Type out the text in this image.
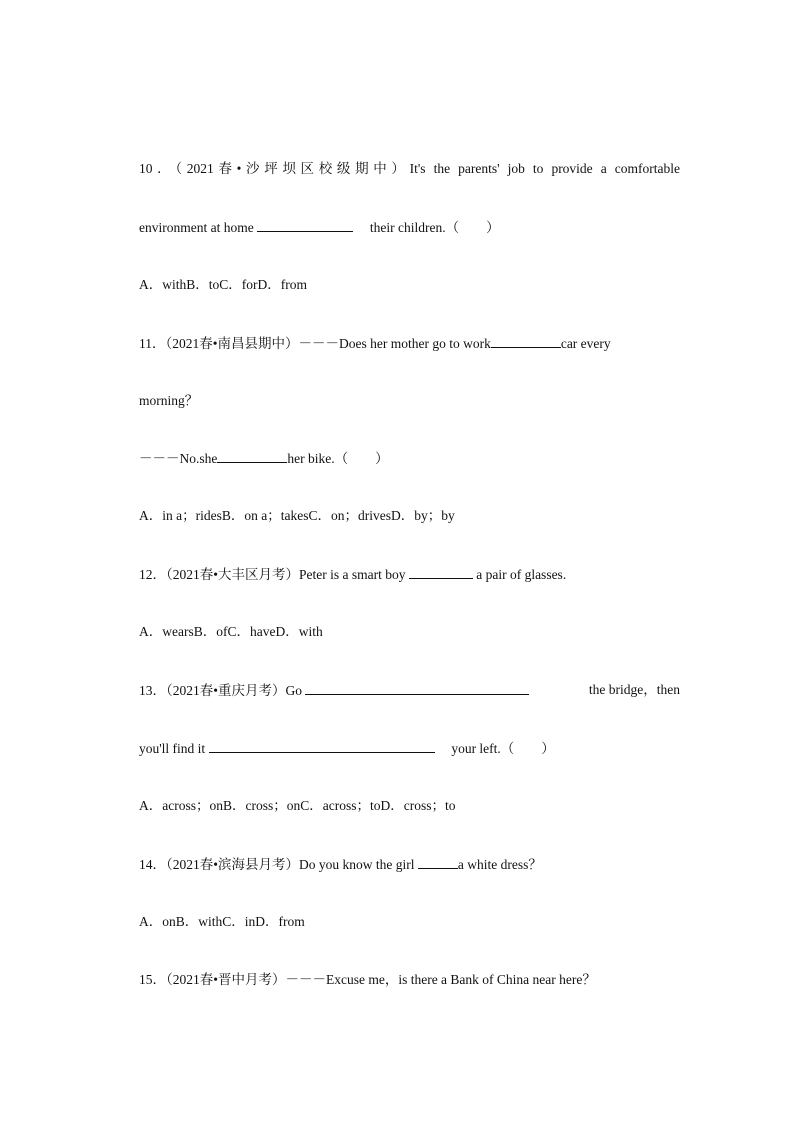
10．（2021春•沙坪坝区校级期中）It's the parents' job to provide a comfortable
environment at home	their children.（　　）
A．withB．toC．forD．from
11．（2021春•南昌县期中）－－－Does her mother go to work	car every
morning？
－－－No.she	her bike.（　　）
A．in a；ridesB．on a；takesC．on；drivesD．by；by
12．（2021春•大丰区月考）Peter is a smart boy	a pair of glasses.
A．wearsB．ofC．haveD．with
13．（2021春•重庆月考）Go	the bridge，then
you'll find it	your left.（　　）
A．across；onB．cross；onC．across；toD．cross；to
14．（2021春•滨海县月考）Do you know the girl	a white dress？
A．onB．withC．inD．from
15．（2021春•晋中月考）－－－Excuse me，is there a Bank of China near here？
